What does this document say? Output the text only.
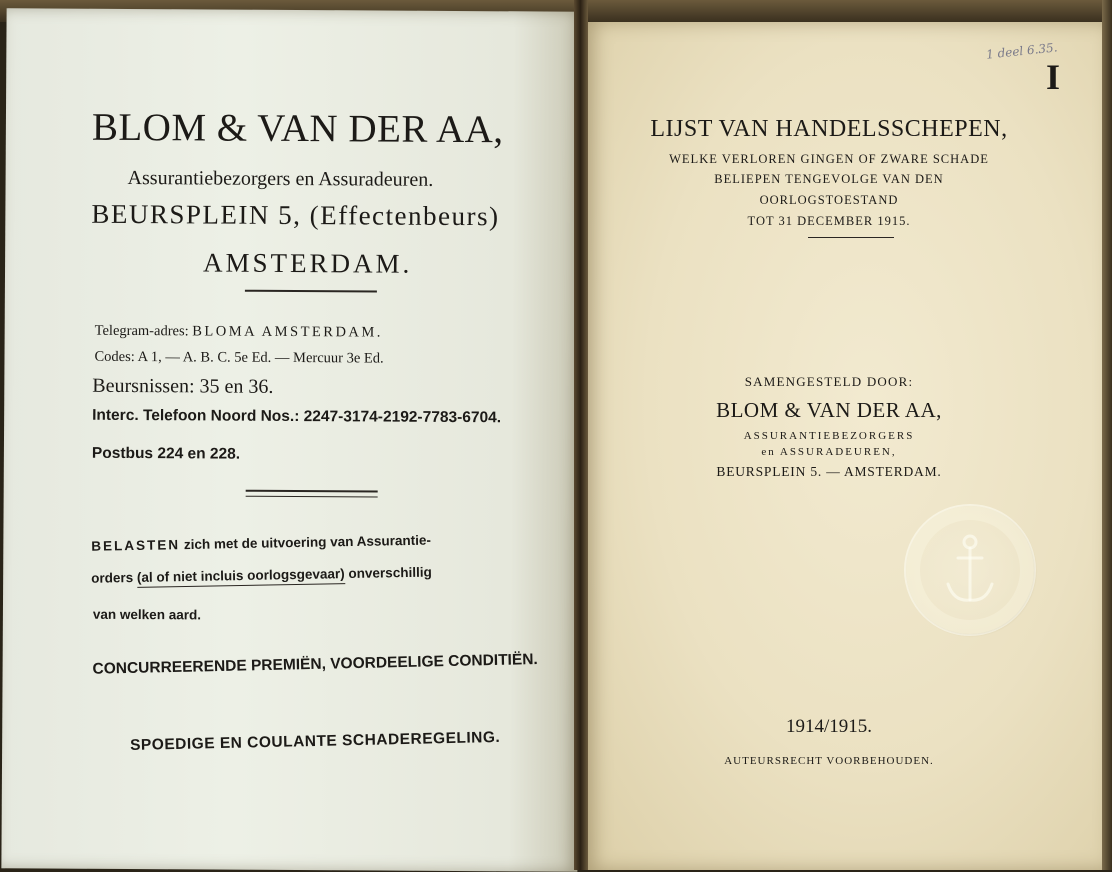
BLOM & VAN DER AA,
Assurantiebezorgers en Assuradeuren.
BEURSPLEIN 5, (Effectenbeurs)
AMSTERDAM.
Telegram-adres: BLOMA AMSTERDAM.
Codes: A 1, — A. B. C. 5e Ed. — Mercuur 3e Ed.
Beursnissen: 35 en 36.
Interc. Telefoon Noord Nos.: 2247-3174-2192-7783-6704.
Postbus 224 en 228.
BELASTEN zich met de uitvoering van Assurantie-
orders (al of niet incluis oorlogsgevaar) onverschillig
van welken aard.
CONCURREERENDE PREMIËN, VOORDEELIGE CONDITIËN.
SPOEDIGE EN COULANTE SCHADEREGELING.
1 deel 6.35.
I
LIJST VAN HANDELSSCHEPEN,
WELKE VERLOREN GINGEN OF ZWARE SCHADE
BELIEPEN TENGEVOLGE VAN DEN
OORLOGSTOESTAND
TOT 31 DECEMBER 1915.
SAMENGESTELD DOOR:
BLOM & VAN DER AA,
ASSURANTIEBEZORGERS
en ASSURADEUREN,
BEURSPLEIN 5. — AMSTERDAM.
1914/1915.
AUTEURSRECHT VOORBEHOUDEN.
